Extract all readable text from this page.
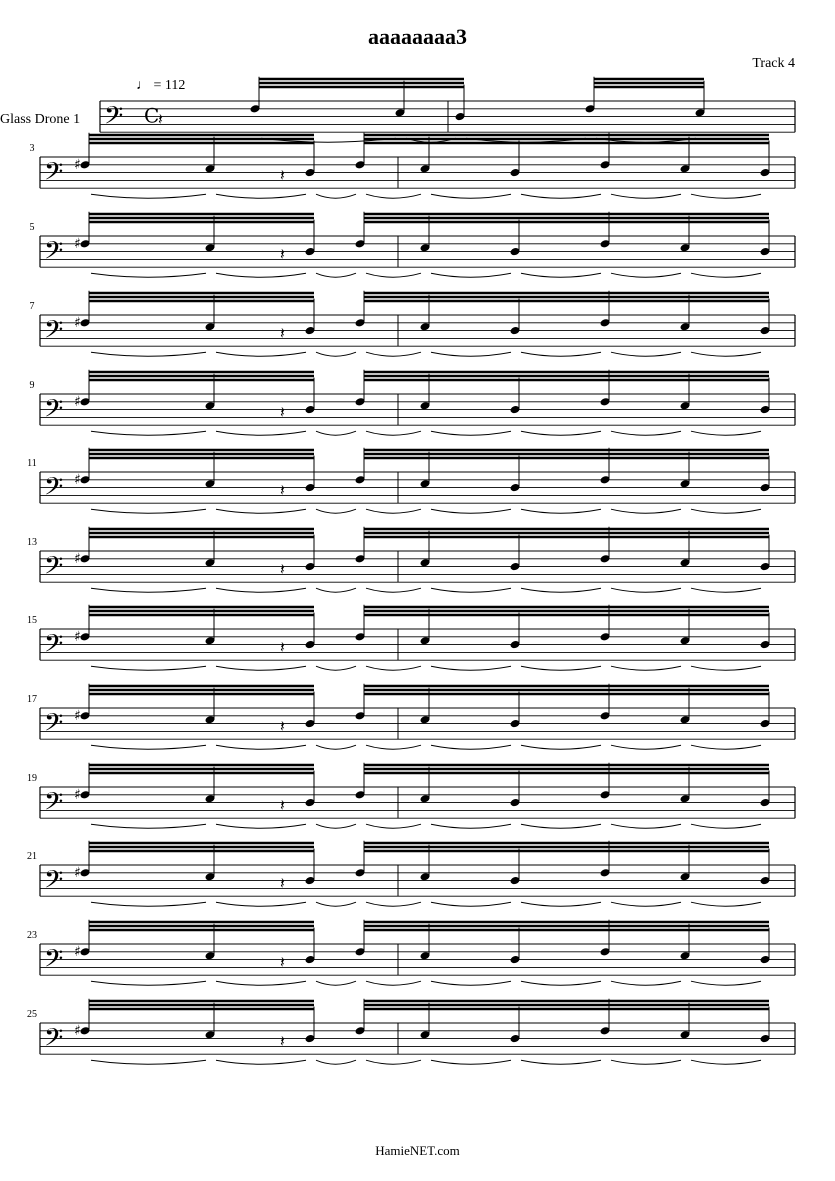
aaaaaaaa3
Track 4
Glass Drone 1
♩ = 112
HamieNET.com
𝄢 C
𝄽
3
𝄢 ♯
𝄽
5
𝄢 ♯
𝄽
7
𝄢 ♯
𝄽
9
𝄢 ♯
𝄽
11
𝄢 ♯
𝄽
13
𝄢 ♯
𝄽
15
𝄢 ♯
𝄽
17
𝄢 ♯
𝄽
19
𝄢 ♯
𝄽
21
𝄢 ♯
𝄽
23
𝄢 ♯
𝄽
25
𝄢 ♯
𝄽
